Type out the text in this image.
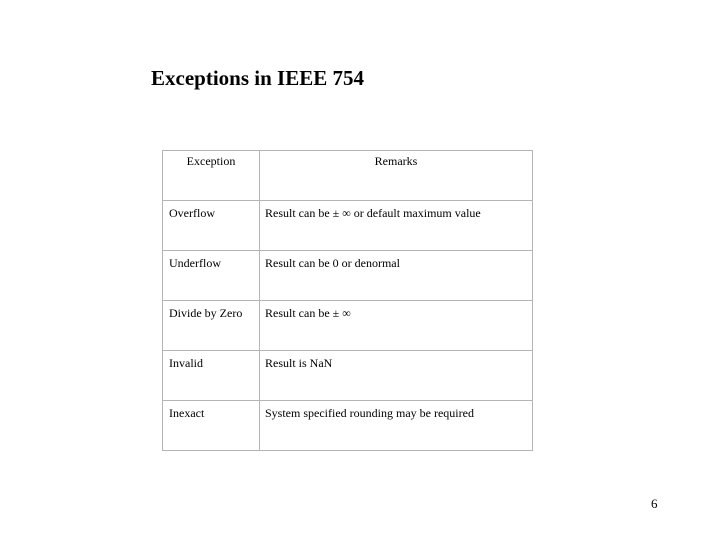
Exceptions in IEEE 754
Exception	Remarks
Overflow	Result can be ± ∞ or default maximum value
Underflow	Result can be 0 or denormal
Divide by Zero	Result can be ± ∞
Invalid	Result is NaN
Inexact	System specified rounding may be required
6
